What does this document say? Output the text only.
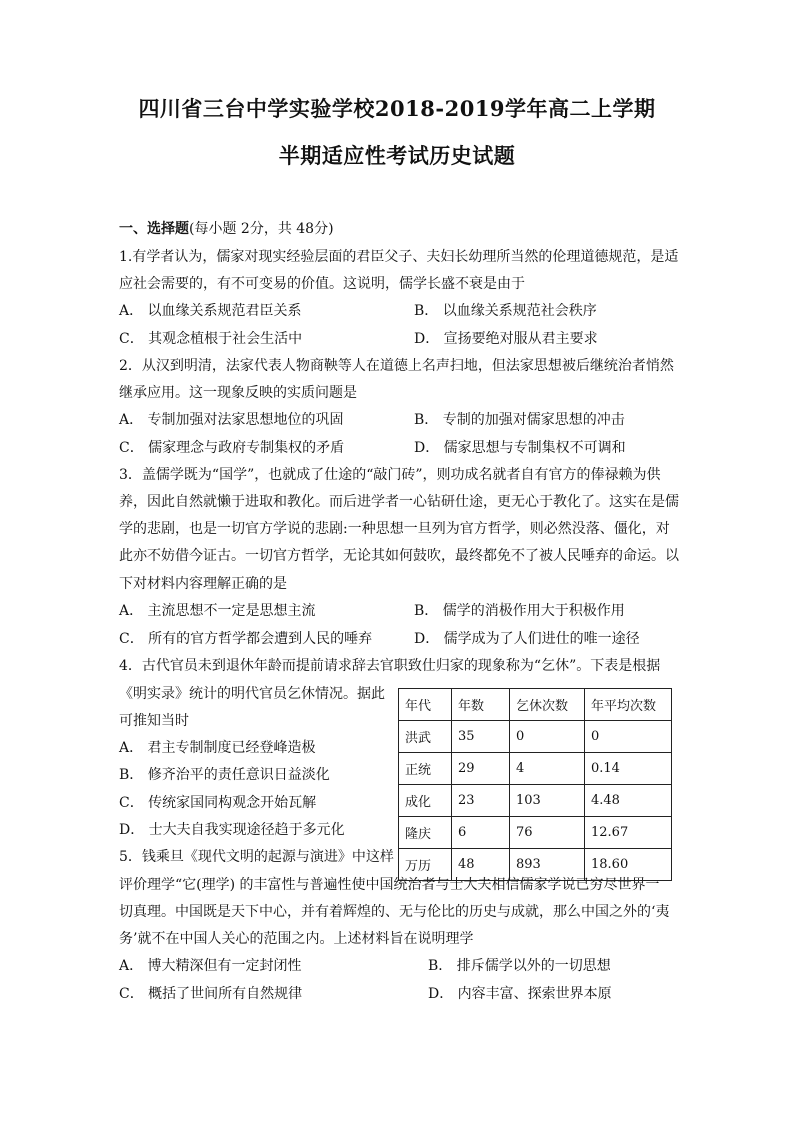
四川省三台中学实验学校2018-2019学年高二上学期
半期适应性考试历史试题
一、选择题(每小题 2分，共 48分)
1.有学者认为，儒家对现实经验层面的君臣父子、夫妇长幼理所当然的伦理道德规范，是适
应社会需要的，有不可变易的价值。这说明，儒学长盛不衰是由于
A． 以血缘关系规范君臣关系	B． 以血缘关系规范社会秩序
C． 其观念植根于社会生活中	D． 宣扬要绝对服从君主要求
2．从汉到明清，法家代表人物商鞅等人在道德上名声扫地，但法家思想被后继统治者悄然
继承应用。这一现象反映的实质问题是
A． 专制加强对法家思想地位的巩固	B． 专制的加强对儒家思想的冲击
C． 儒家理念与政府专制集权的矛盾	D． 儒家思想与专制集权不可调和
3．盖儒学既为“国学”，也就成了仕途的“敲门砖”，则功成名就者自有官方的俸禄赖为供
养，因此自然就懒于进取和教化。而后进学者一心钻研仕途，更无心于教化了。这实在是儒
学的悲剧，也是一切官方学说的悲剧:一种思想一旦列为官方哲学，则必然没落、僵化，对
此亦不妨借今证古。一切官方哲学，无论其如何鼓吹，最终都免不了被人民唾弃的命运。以
下对材料内容理解正确的是
A． 主流思想不一定是思想主流	B． 儒学的消极作用大于积极作用
C． 所有的官方哲学都会遭到人民的唾弃	D． 儒学成为了人们进仕的唯一途径
4．古代官员未到退休年龄而提前请求辞去官职致仕归家的现象称为“乞休”。下表是根据
《明实录》统计的明代官员乞休情况。据此
可推知当时
A． 君主专制制度已经登峰造极
B． 修齐治平的责任意识日益淡化
C． 传统家国同构观念开始瓦解
D． 士大夫自我实现途径趋于多元化
5．钱乘旦《现代文明的起源与演进》中这样
评价理学“它(理学) 的丰富性与普遍性使中国统治者与士大夫相信儒家学说已穷尽世界一
切真理。中国既是天下中心，并有着辉煌的、无与伦比的历史与成就，那么中国之外的‘夷
务’就不在中国人关心的范围之内。上述材料旨在说明理学
A． 博大精深但有一定封闭性	B． 排斥儒学以外的一切思想
C． 概括了世间所有自然规律	D． 内容丰富、探索世界本原
年代	年数	乞休次数	年平均次数
洪武	35	0	0
正统	29	4	0.14
成化	23	103	4.48
隆庆	6	76	12.67
万历	48	893	18.60
